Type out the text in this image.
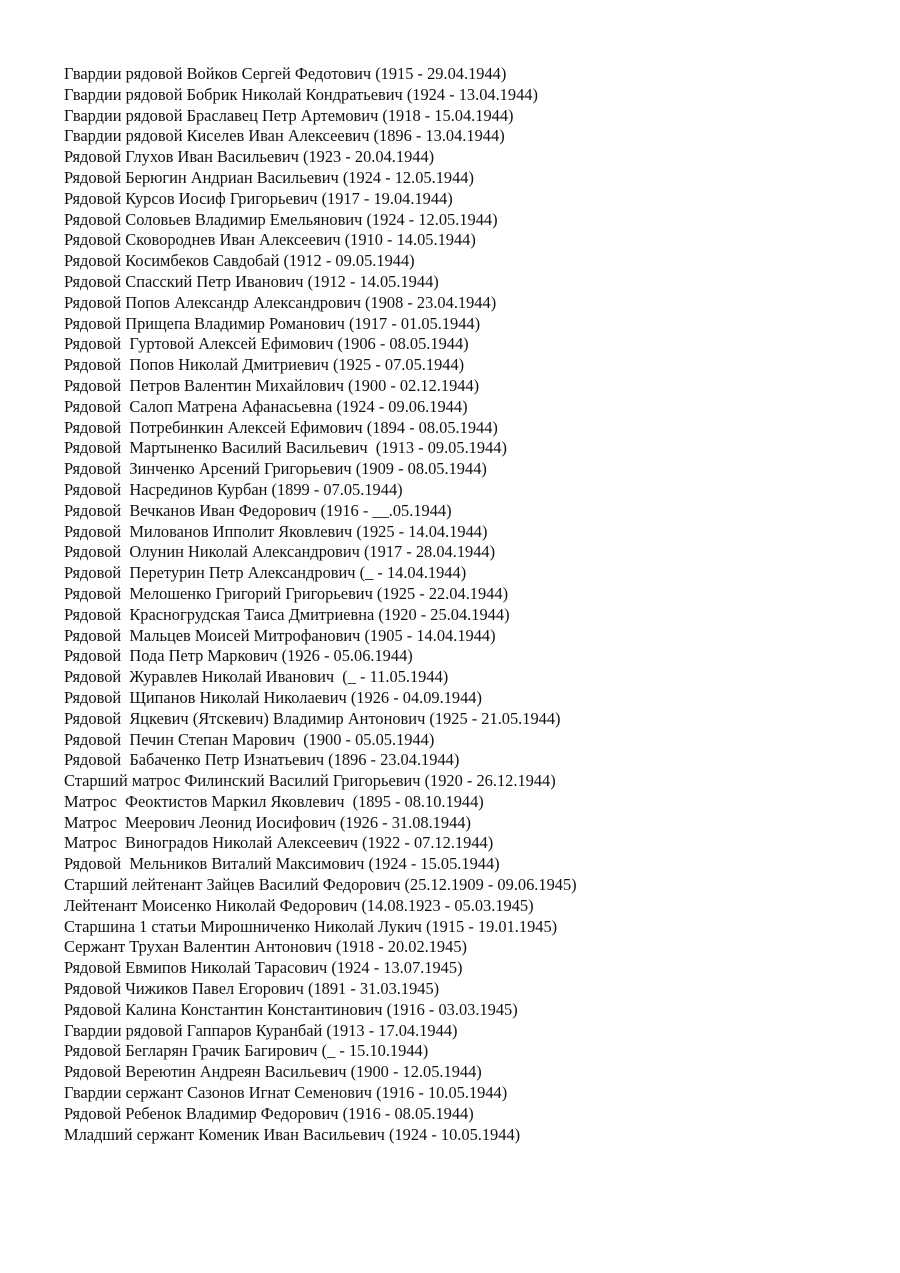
Гвардии рядовой Войков Сергей Федотович (1915 - 29.04.1944)
Гвардии рядовой Бобрик Николай Кондратьевич (1924 - 13.04.1944)
Гвардии рядовой Браславец Петр Артемович (1918 - 15.04.1944)
Гвардии рядовой Киселев Иван Алексеевич (1896 - 13.04.1944)
Рядовой Глухов Иван Васильевич (1923 - 20.04.1944)
Рядовой Берюгин Андриан Васильевич (1924 - 12.05.1944)
Рядовой Курсов Иосиф Григорьевич (1917 - 19.04.1944)
Рядовой Соловьев Владимир Емельянович (1924 - 12.05.1944)
Рядовой Сковороднев Иван Алексеевич (1910 - 14.05.1944)
Рядовой Косимбеков Савдобай (1912 - 09.05.1944)
Рядовой Спасский Петр Иванович (1912 - 14.05.1944)
Рядовой Попов Александр Александрович (1908 - 23.04.1944)
Рядовой Прищепа Владимир Романович (1917 - 01.05.1944)
Рядовой  Гуртовой Алексей Ефимович (1906 - 08.05.1944)
Рядовой  Попов Николай Дмитриевич (1925 - 07.05.1944)
Рядовой  Петров Валентин Михайлович (1900 - 02.12.1944)
Рядовой  Салоп Матрена Афанасьевна (1924 - 09.06.1944)
Рядовой  Потребинкин Алексей Ефимович (1894 - 08.05.1944)
Рядовой  Мартыненко Василий Васильевич  (1913 - 09.05.1944)
Рядовой  Зинченко Арсений Григорьевич (1909 - 08.05.1944)
Рядовой  Насрединов Курбан (1899 - 07.05.1944)
Рядовой  Вечканов Иван Федорович (1916 - __.05.1944)
Рядовой  Милованов Ипполит Яковлевич (1925 - 14.04.1944)
Рядовой  Олунин Николай Александрович (1917 - 28.04.1944)
Рядовой  Перетурин Петр Александрович (_ - 14.04.1944)
Рядовой  Мелошенко Григорий Григорьевич (1925 - 22.04.1944)
Рядовой  Красногрудская Таиса Дмитриевна (1920 - 25.04.1944)
Рядовой  Мальцев Моисей Митрофанович (1905 - 14.04.1944)
Рядовой  Пода Петр Маркович (1926 - 05.06.1944)
Рядовой  Журавлев Николай Иванович  (_ - 11.05.1944)
Рядовой  Щипанов Николай Николаевич (1926 - 04.09.1944)
Рядовой  Яцкевич (Ятскевич) Владимир Антонович (1925 - 21.05.1944)
Рядовой  Печин Степан Марович  (1900 - 05.05.1944)
Рядовой  Бабаченко Петр Изнатьевич (1896 - 23.04.1944)
Старший матрос Филинский Василий Григорьевич (1920 - 26.12.1944)
Матрос  Феоктистов Маркил Яковлевич  (1895 - 08.10.1944)
Матрос  Меерович Леонид Иосифович (1926 - 31.08.1944)
Матрос  Виноградов Николай Алексеевич (1922 - 07.12.1944)
Рядовой  Мельников Виталий Максимович (1924 - 15.05.1944)
Старший лейтенант Зайцев Василий Федорович (25.12.1909 - 09.06.1945)
Лейтенант Моисенко Николай Федорович (14.08.1923 - 05.03.1945)
Старшина 1 статьи Мирошниченко Николай Лукич (1915 - 19.01.1945)
Сержант Трухан Валентин Антонович (1918 - 20.02.1945)
Рядовой Евмипов Николай Тарасович (1924 - 13.07.1945)
Рядовой Чижиков Павел Егорович (1891 - 31.03.1945)
Рядовой Калина Константин Константинович (1916 - 03.03.1945)
Гвардии рядовой Гаппаров Куранбай (1913 - 17.04.1944)
Рядовой Бегларян Грачик Багирович (_ - 15.10.1944)
Рядовой Вереютин Андреян Васильевич (1900 - 12.05.1944)
Гвардии сержант Сазонов Игнат Семенович (1916 - 10.05.1944)
Рядовой Ребенок Владимир Федорович (1916 - 08.05.1944)
Младший сержант Коменик Иван Васильевич (1924 - 10.05.1944)
